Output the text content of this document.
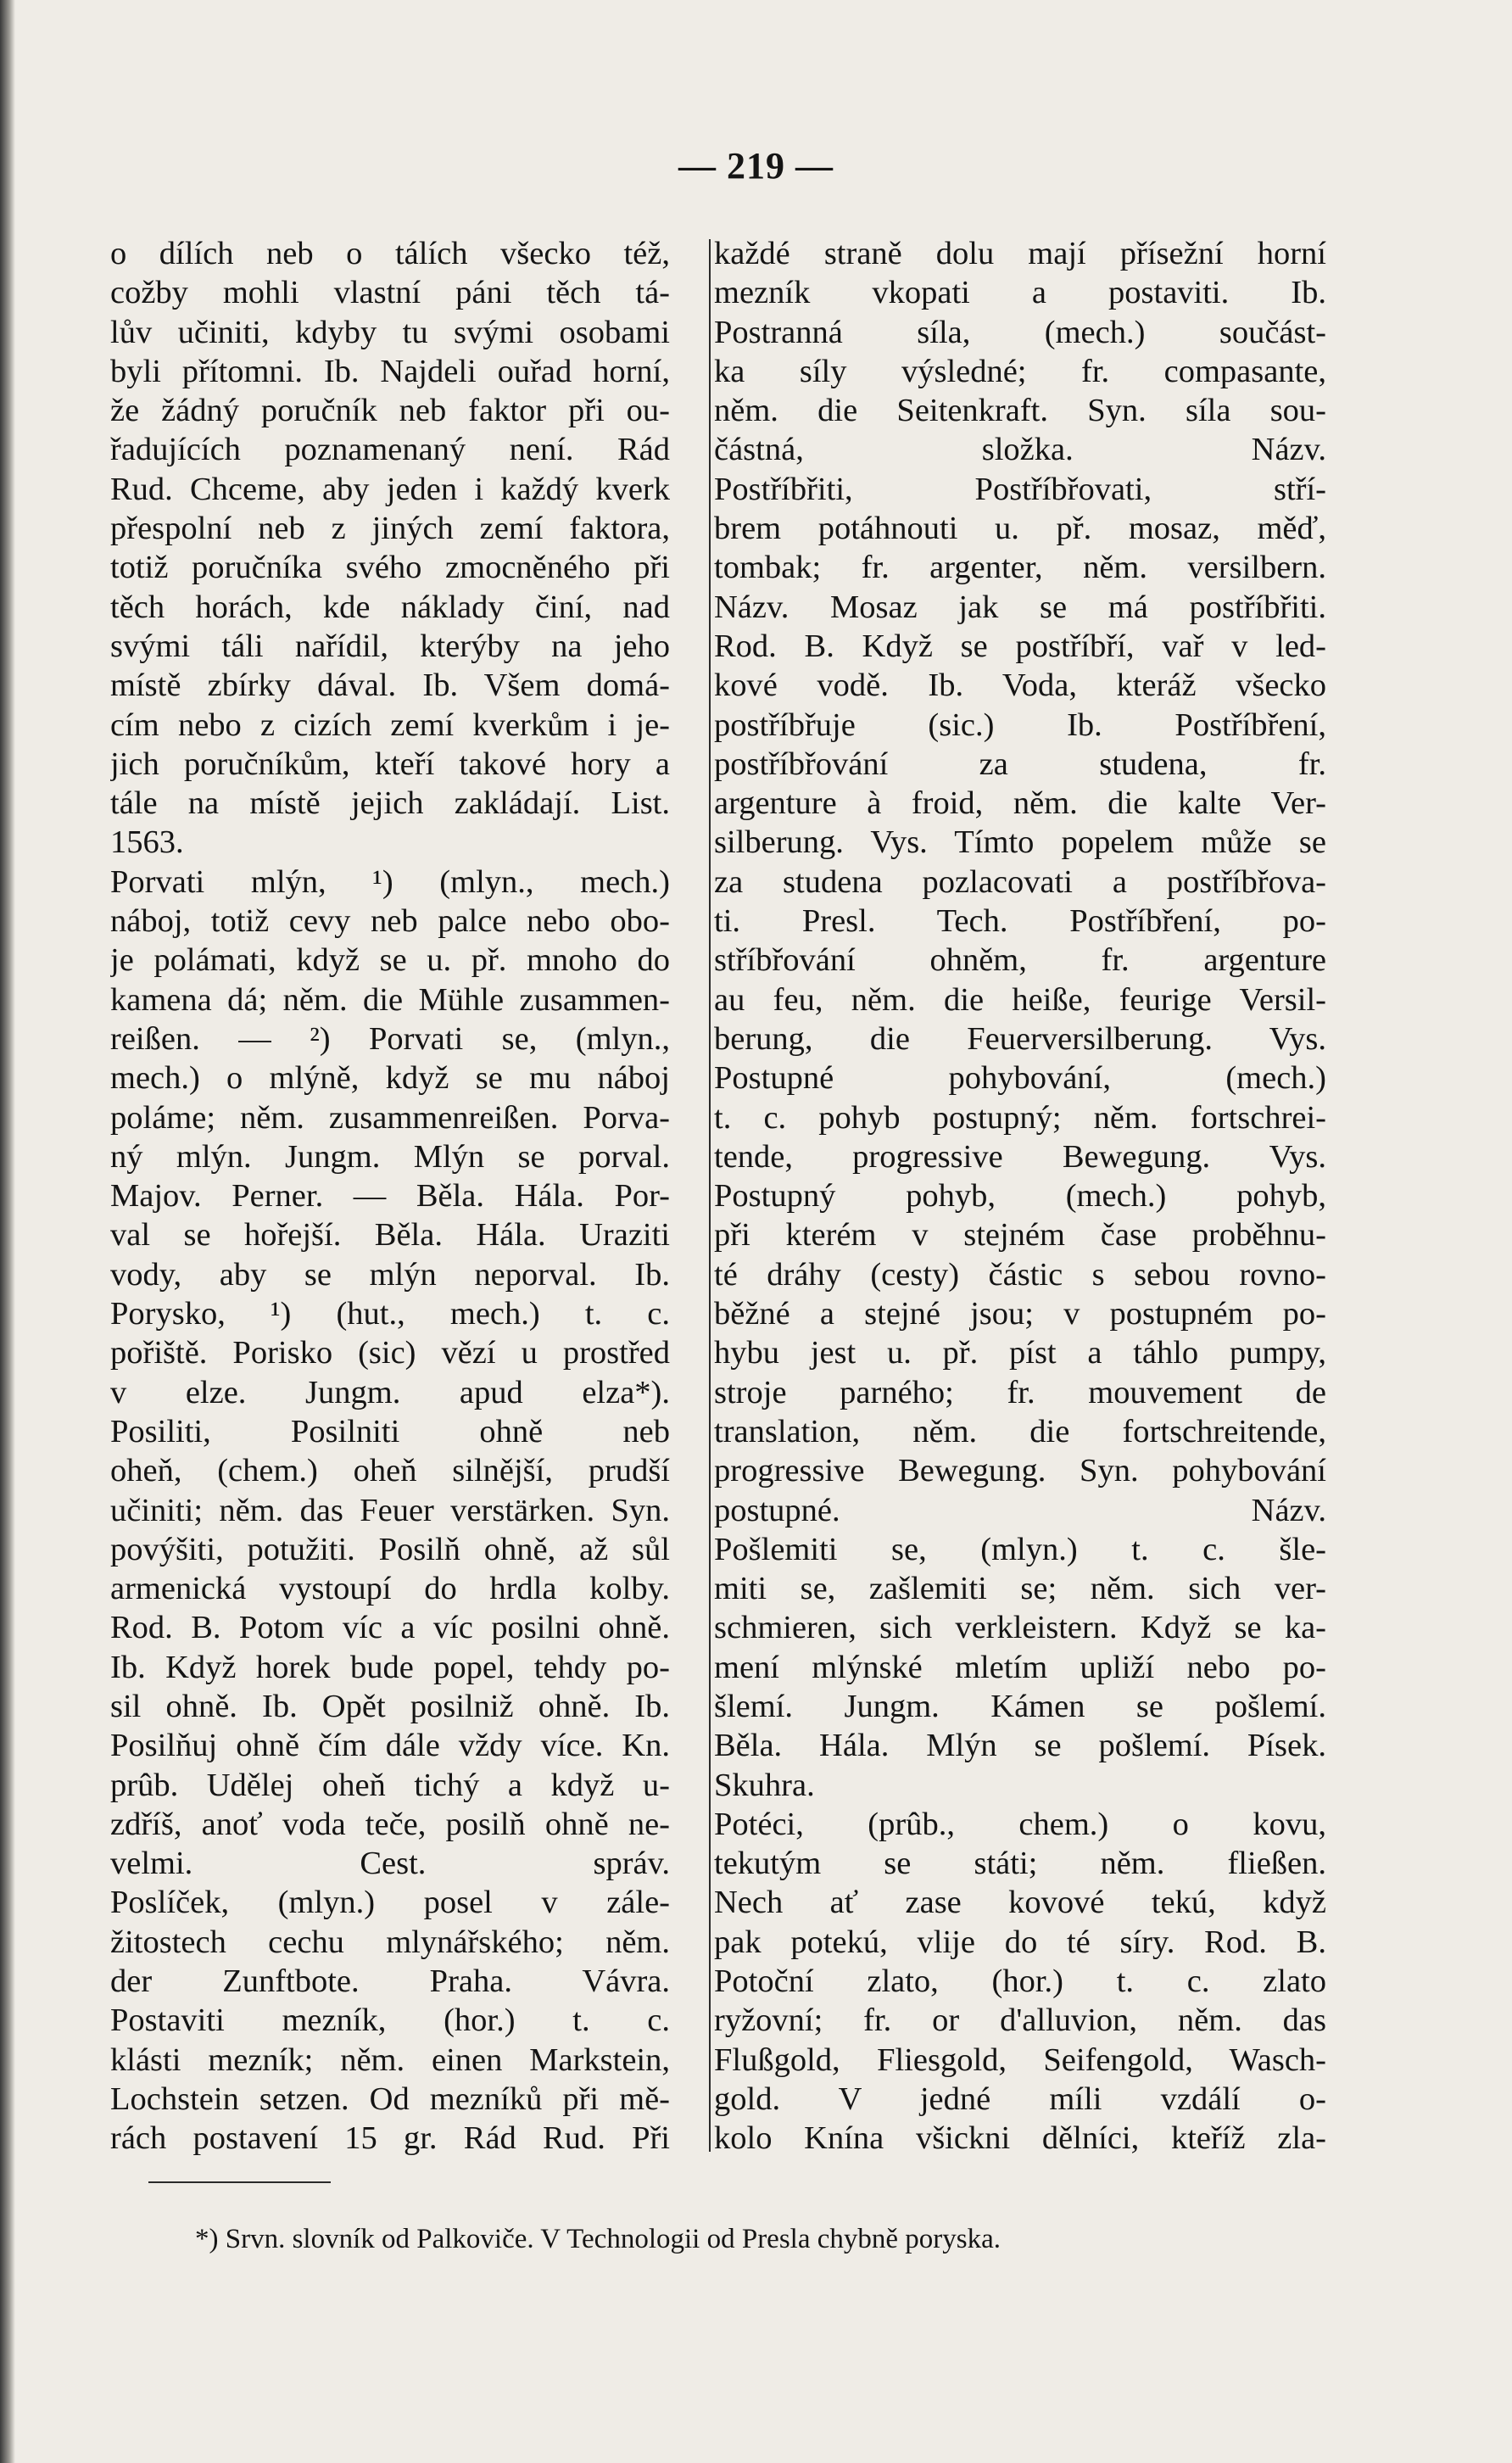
— 219 —
o dílích neb o tálích všecko též,
cožby mohli vlastní páni těch tá-
lův učiniti, kdyby tu svými osobami
byli přítomni. Ib. Najdeli ouřad horní,
že žádný poručník neb faktor při ou-
řadujících poznamenaný není. Rád
Rud. Chceme, aby jeden i každý kverk
přespolní neb z jiných zemí faktora,
totiž poručníka svého zmocněného při
těch horách, kde náklady činí, nad
svými táli nařídil, kterýby na jeho
místě zbírky dával. Ib. Všem domá-
cím nebo z cizích zemí kverkům i je-
jich poručníkům, kteří takové hory a
tále na místě jejich zakládají. List.
1563.
Porvati mlýn, ¹) (mlyn., mech.)
náboj, totiž cevy neb palce nebo obo-
je polámati, když se u. př. mnoho do
kamena dá; něm. die Mühle zusammen-
reißen. — ²) Porvati se, (mlyn.,
mech.) o mlýně, když se mu náboj
poláme; něm. zusammenreißen. Porva-
ný mlýn. Jungm. Mlýn se porval.
Majov. Perner. — Běla. Hála. Por-
val se hořejší. Běla. Hála. Uraziti
vody, aby se mlýn neporval. Ib.
Porysko, ¹) (hut., mech.) t. c.
pořiště. Porisko (sic) vězí u prostřed
v elze. Jungm. apud elza*).
Posiliti, Posilniti ohně neb
oheň, (chem.) oheň silnější, prudší
učiniti; něm. das Feuer verstärken. Syn.
povýšiti, potužiti. Posilň ohně, až sůl
armenická vystoupí do hrdla kolby.
Rod. B. Potom víc a víc posilni ohně.
Ib. Když horek bude popel, tehdy po-
sil ohně. Ib. Opět posilniž ohně. Ib.
Posilňuj ohně čím dále vždy více. Kn.
prûb. Udělej oheň tichý a když u-
zdříš, anoť voda teče, posilň ohně ne-
velmi. Cest. správ.
Poslíček, (mlyn.) posel v zále-
žitostech cechu mlynářského; něm.
der Zunftbote. Praha. Vávra.
Postaviti mezník, (hor.) t. c.
klásti mezník; něm. einen Markstein,
Lochstein setzen. Od mezníků při mě-
rách postavení 15 gr. Rád Rud. Při
každé straně dolu mají přísežní horní
mezník vkopati a postaviti. Ib.
Postranná síla, (mech.) součást-
ka síly výsledné; fr. compasante,
něm. die Seitenkraft. Syn. síla sou-
částná, složka. Názv.
Postříbřiti, Postříbřovati, stří-
brem potáhnouti u. př. mosaz, měď,
tombak; fr. argenter, něm. versilbern.
Názv. Mosaz jak se má postříbřiti.
Rod. B. Když se postříbří, vař v led-
kové vodě. Ib. Voda, kteráž všecko
postříbřuje (sic.) Ib. Postříbření,
postříbřování za studena, fr.
argenture à froid, něm. die kalte Ver-
silberung. Vys. Tímto popelem může se
za studena pozlacovati a postříbřova-
ti. Presl. Tech. Postříbření, po-
stříbřování ohněm, fr. argenture
au feu, něm. die heiße, feurige Versil-
berung, die Feuerversilberung. Vys.
Postupné pohybování, (mech.)
t. c. pohyb postupný; něm. fortschrei-
tende, progressive Bewegung. Vys.
Postupný pohyb, (mech.) pohyb,
při kterém v stejném čase proběhnu-
té dráhy (cesty) částic s sebou rovno-
běžné a stejné jsou; v postupném po-
hybu jest u. př. píst a táhlo pumpy,
stroje parného; fr. mouvement de
translation, něm. die fortschreitende,
progressive Bewegung. Syn. pohybování
postupné. Názv.
Pošlemiti se, (mlyn.) t. c. šle-
miti se, zašlemiti se; něm. sich ver-
schmieren, sich verkleistern. Když se ka-
mení mlýnské mletím upliží nebo po-
šlemí. Jungm. Kámen se pošlemí.
Běla. Hála. Mlýn se pošlemí. Písek.
Skuhra.
Potéci, (prûb., chem.) o kovu,
tekutým se státi; něm. fließen.
Nech ať zase kovové tekú, když
pak potekú, vlije do té síry. Rod. B.
Potoční zlato, (hor.) t. c. zlato
ryžovní; fr. or d'alluvion, něm. das
Flußgold, Fliesgold, Seifengold, Wasch-
gold. V jedné míli vzdálí o-
kolo Knína všickni dělníci, kteříž zla-
*) Srvn. slovník od Palkoviče. V Technologii od Presla chybně poryska.
